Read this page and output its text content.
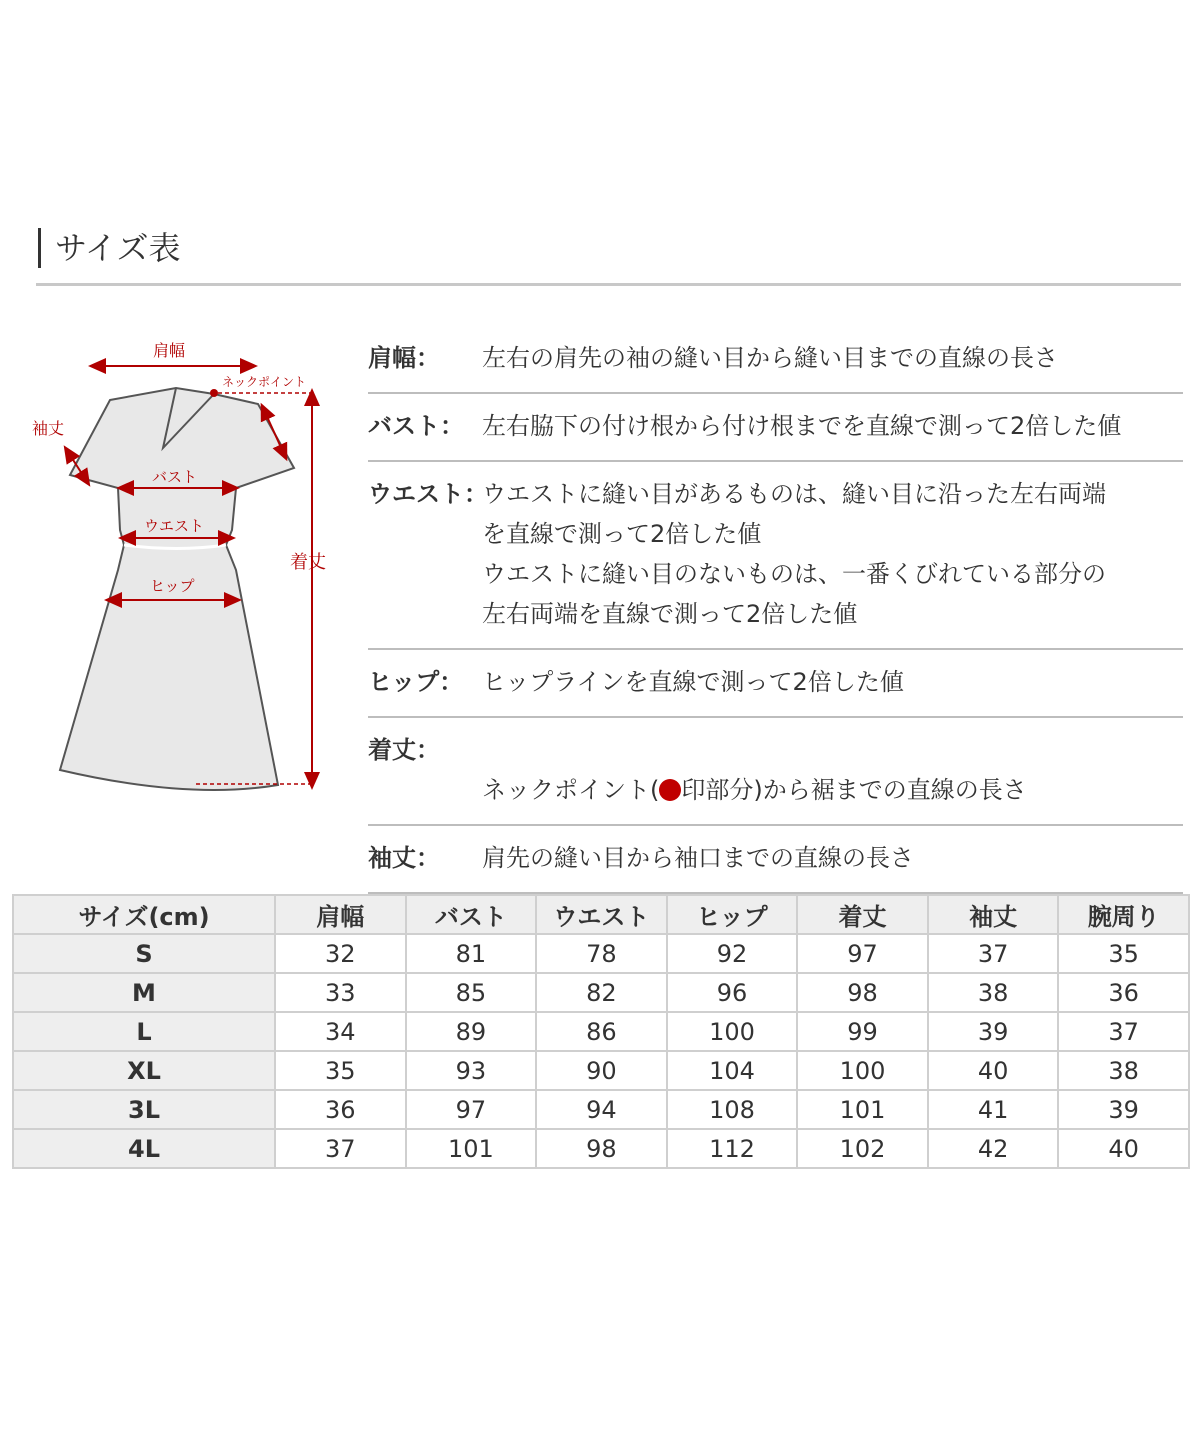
サイズ表
肩幅
ネックポイント
着丈
袖丈
バスト
ウエスト
ヒップ
肩幅：	左右の肩先の袖の縫い目から縫い目までの直線の長さ
バスト： 左右脇下の付け根から付け根までを直線で測って2倍した値
ウエスト：
ウエストに縫い目があるものは、縫い目に沿った左右両端
を直線で測って2倍した値
ウエストに縫い目のないものは、一番くびれている部分の
左右両端を直線で測って2倍した値
ヒップ： ヒップラインを直線で測って2倍した値
着丈：

ネックポイント( 印部分)から裾までの直線の長さ

袖丈：	肩先の縫い目から袖口までの直線の長さ
サイズ(cm)	肩幅	バスト	ウエスト	ヒップ	着丈	袖丈	腕周り
S	32	81	78	92	97	37	35
M	33	85	82	96	98	38	36
L	34	89	86	100	99	39	37
XL	35	93	90	104	100	40	38
3L	36	97	94	108	101	41	39
4L	37	101	98	112	102	42	40
